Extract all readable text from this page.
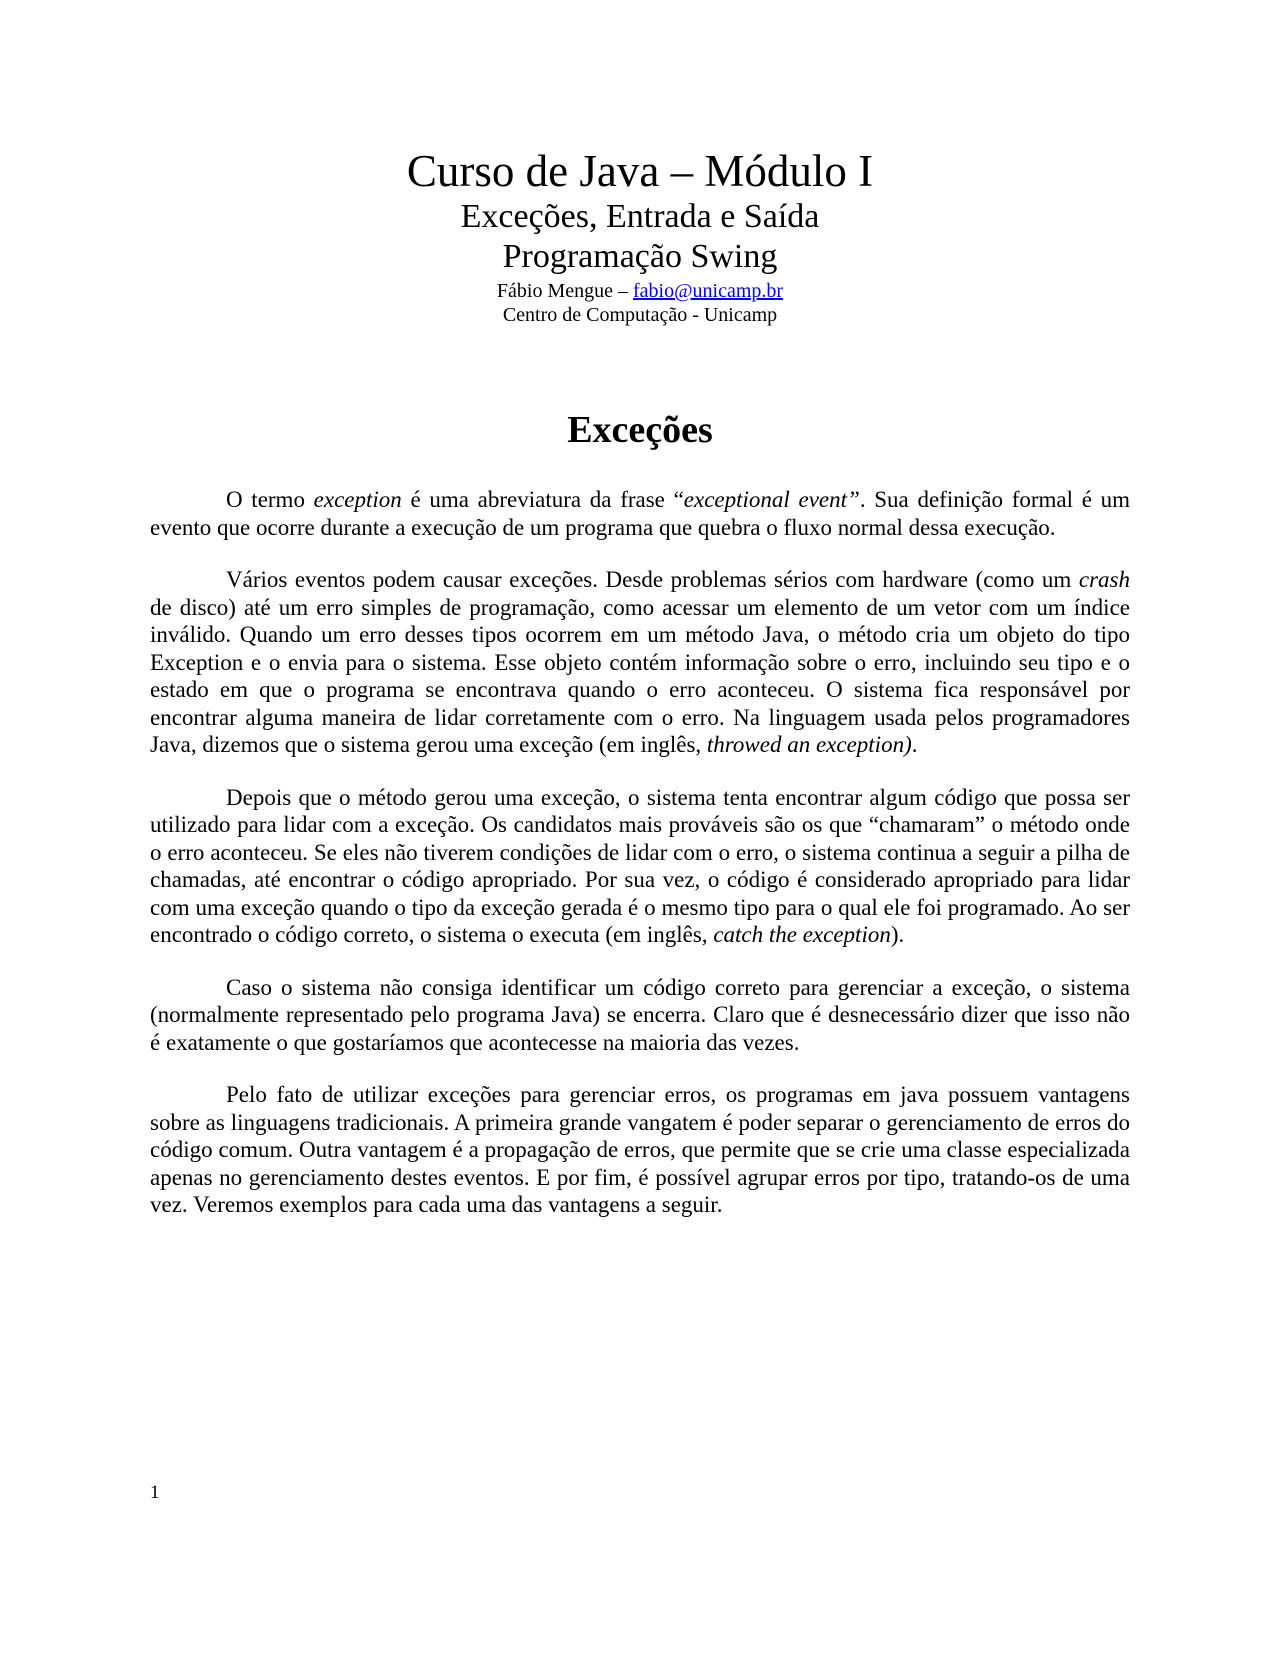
Curso de Java – Módulo I
Exceções, Entrada e Saída
Programação Swing

Fábio Mengue – fabio@unicamp.br

Centro de Computação - Unicamp

Exceções

O termo exception é uma abreviatura da frase “exceptional event”. Sua definição formal é um evento que ocorre durante a execução de um programa que quebra o fluxo normal dessa execução.

Vários eventos podem causar exceções. Desde problemas sérios com hardware (como um crash de disco) até um erro simples de programação, como acessar um elemento de um vetor com um índice inválido. Quando um erro desses tipos ocorrem em um método Java, o método cria um objeto do tipo Exception e o envia para o sistema. Esse objeto contém informação sobre o erro, incluindo seu tipo e o estado em que o programa se encontrava quando o erro aconteceu. O sistema fica responsável por encontrar alguma maneira de lidar corretamente com o erro. Na linguagem usada pelos programadores Java, dizemos que o sistema gerou uma exceção (em inglês, throwed an exception).

Depois que o método gerou uma exceção, o sistema tenta encontrar algum código que possa ser utilizado para lidar com a exceção. Os candidatos mais prováveis são os que “chamaram” o método onde o erro aconteceu. Se eles não tiverem condições de lidar com o erro, o sistema continua a seguir a pilha de chamadas, até encontrar o código apropriado. Por sua vez, o código é considerado apropriado para lidar com uma exceção quando o tipo da exceção gerada é o mesmo tipo para o qual ele foi programado. Ao ser encontrado o código correto, o sistema o executa (em inglês, catch the exception).

Caso o sistema não consiga identificar um código correto para gerenciar a exceção, o sistema (normalmente representado pelo programa Java) se encerra. Claro que é desnecessário dizer que isso não é exatamente o que gostaríamos que acontecesse na maioria das vezes.

Pelo fato de utilizar exceções para gerenciar erros, os programas em java possuem vantagens sobre as linguagens tradicionais. A primeira grande vangatem é poder separar o gerenciamento de erros do código comum. Outra vantagem é a propagação de erros, que permite que se crie uma classe especializada apenas no gerenciamento destes eventos. E por fim, é possível agrupar erros por tipo, tratando-os de uma vez. Veremos exemplos para cada uma das vantagens a seguir.

1
